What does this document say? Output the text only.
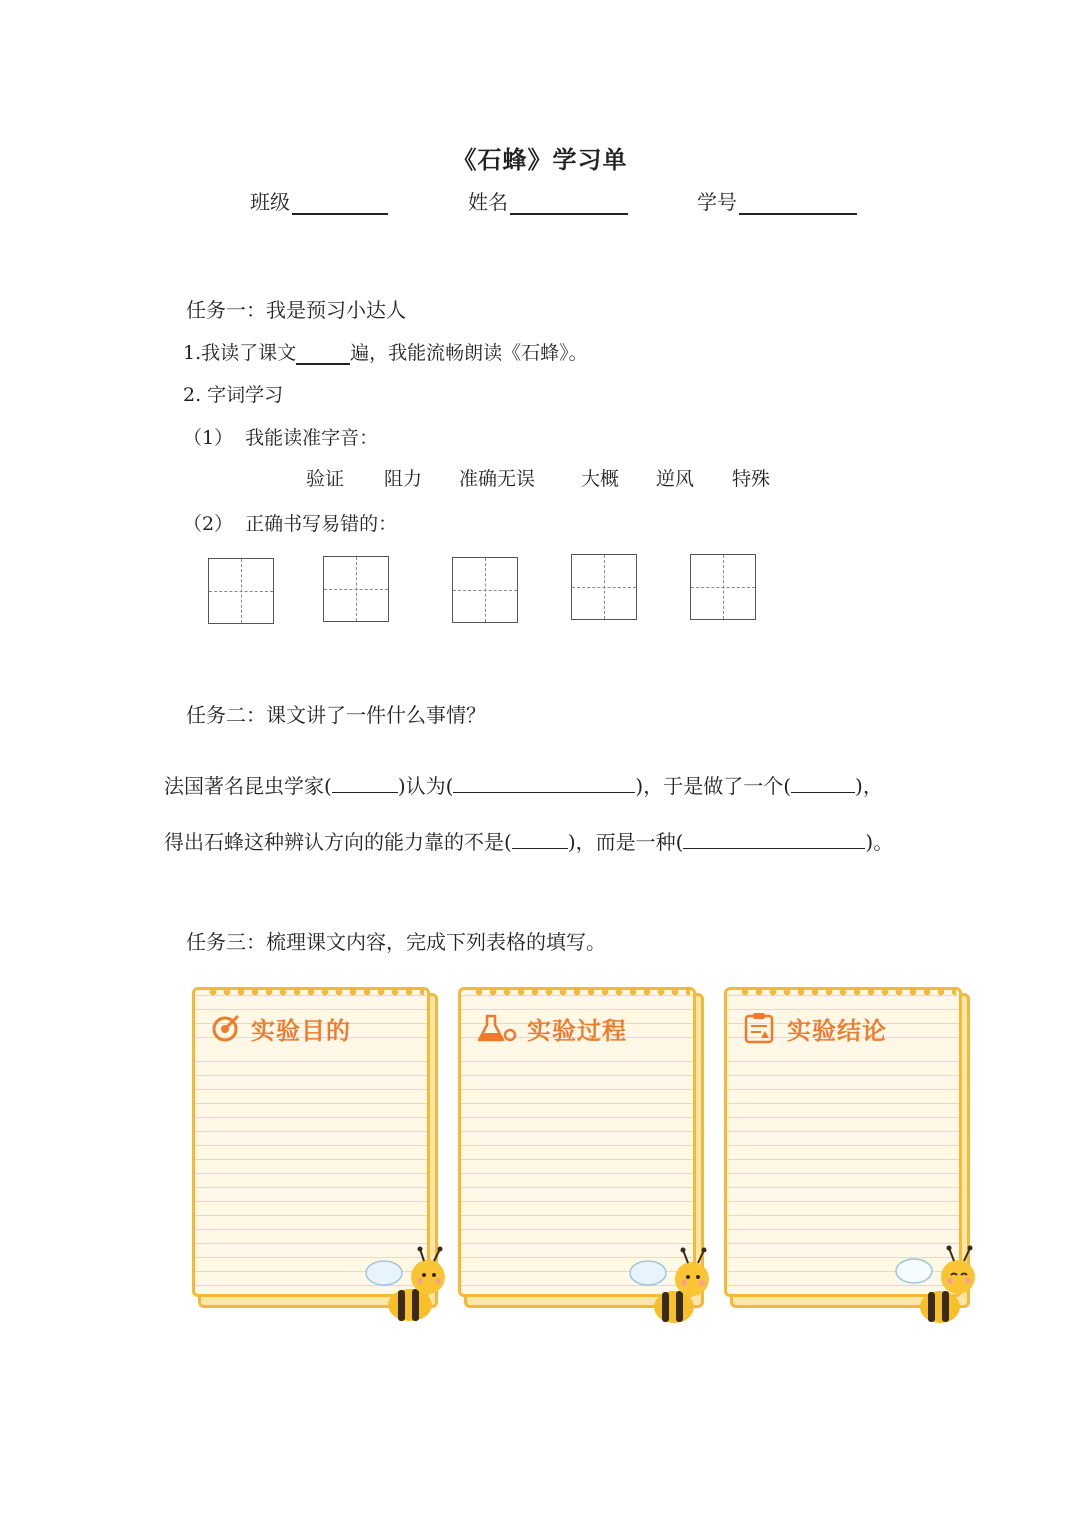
《石蜂》学习单
班级	姓名	学号
任务一：我是预习小达人
1.我读了课文	遍，我能流畅朗读《石蜂》。
2. 字词学习
（1）  我能读准字音：
验证 阻力 准确无误 大概 逆风 特殊
（2）  正确书写易错的：
任务二：课文讲了一件什么事情？
法国著名昆虫学家(	)认为(	)，于是做了一个(	)，
得出石蜂这种辨认方向的能力靠的不是(	)，而是一种(	)。
任务三：梳理课文内容，完成下列表格的填写。
实验目的	实验过程	实验结论
